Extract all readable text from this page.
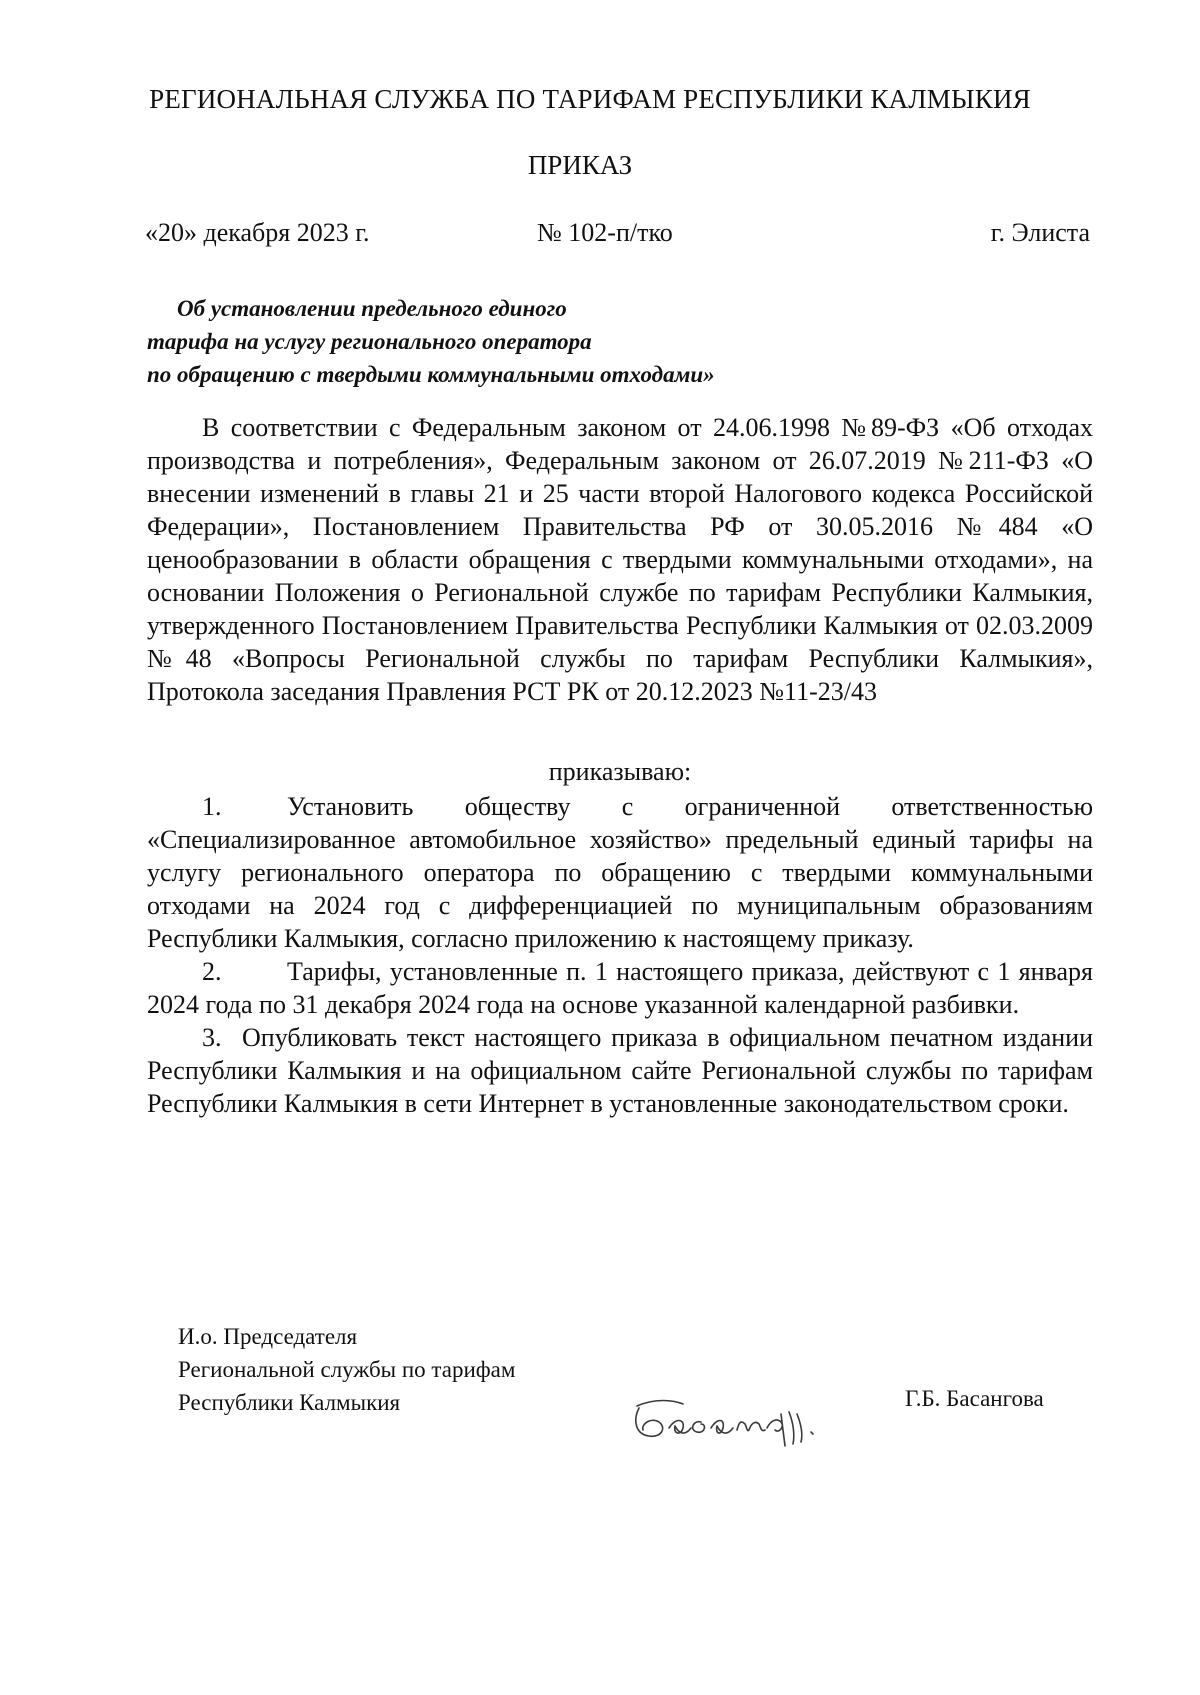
РЕГИОНАЛЬНАЯ СЛУЖБА ПО ТАРИФАМ РЕСПУБЛИКИ КАЛМЫКИЯ
ПРИКАЗ
«20» декабря 2023 г.	№ 102-п/тко	г. Элиста
Об установлении предельного единого
тарифа на услугу регионального оператора
по обращению с твердыми коммунальными отходами»

В соответствии с Федеральным законом от 24.06.1998 №89-ФЗ «Об отходах производства и потребления», Федеральным законом от 26.07.2019 №211-ФЗ «О внесении изменений в главы 21 и 25 части второй Налогового кодекса Российской Федерации», Постановлением Правительства РФ от 30.05.2016 №484 «О ценообразовании в области обращения с твердыми коммунальными отходами», на основании Положения о Региональной службе по тарифам Республики Калмыкия, утвержденного Постановлением Правительства Республики Калмыкия от 02.03.2009 №48 «Вопросы Региональной службы по тарифам Республики Калмыкия», Протокола заседания Правления РСТ РК от 20.12.2023 №11-23/43

приказываю:

1.	Установить обществу с ограниченной ответственностью «Специализированное автомобильное хозяйство» предельный единый тарифы на услугу регионального оператора по обращению с твердыми коммунальными отходами на 2024 год с дифференциацией по муниципальным образованиям Республики Калмыкия, согласно приложению к настоящему приказу.

2.	Тарифы, установленные п. 1 настоящего приказа, действуют с 1 января 2024 года по 31 декабря 2024 года на основе указанной календарной разбивки.

3. Опубликовать текст настоящего приказа в официальном печатном издании Республики Калмыкия и на официальном сайте Региональной службы по тарифам Республики Калмыкия в сети Интернет в установленные законодательством сроки.

И.о. Председателя
Региональной службы по тарифам
Республики Калмыкия	Г.Б. Басангова
